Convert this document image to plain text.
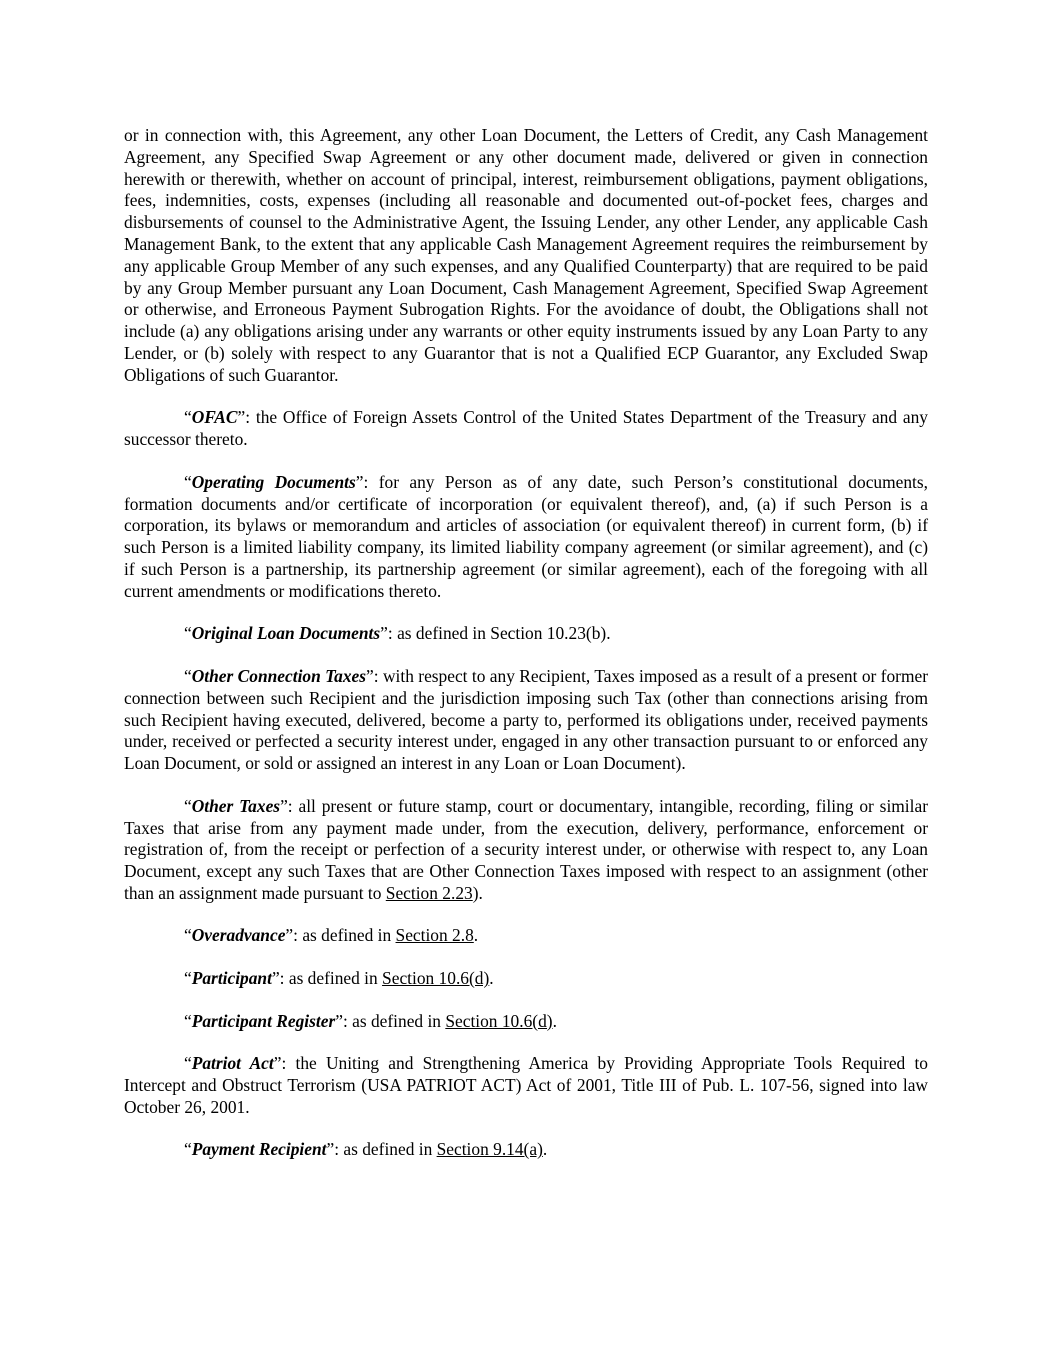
or in connection with, this Agreement, any other Loan Document, the Letters of Credit, any Cash Management Agreement, any Specified Swap Agreement or any other document made, delivered or given in connection herewith or therewith, whether on account of principal, interest, reimbursement obligations, payment obligations, fees, indemnities, costs, expenses (including all reasonable and documented out-of-pocket fees, charges and disbursements of counsel to the Administrative Agent, the Issuing Lender, any other Lender, any applicable Cash Management Bank, to the extent that any applicable Cash Management Agreement requires the reimbursement by any applicable Group Member of any such expenses, and any Qualified Counterparty) that are required to be paid by any Group Member pursuant any Loan Document, Cash Management Agreement, Specified Swap Agreement or otherwise, and Erroneous Payment Subrogation Rights. For the avoidance of doubt, the Obligations shall not include (a) any obligations arising under any warrants or other equity instruments issued by any Loan Party to any Lender, or (b) solely with respect to any Guarantor that is not a Qualified ECP Guarantor, any Excluded Swap Obligations of such Guarantor.

“OFAC”: the Office of Foreign Assets Control of the United States Department of the Treasury and any successor thereto.

“Operating Documents”: for any Person as of any date, such Person’s constitutional documents, formation documents and/or certificate of incorporation (or equivalent thereof), and, (a) if such Person is a corporation, its bylaws or memorandum and articles of association (or equivalent thereof) in current form, (b) if such Person is a limited liability company, its limited liability company agreement (or similar agreement), and (c) if such Person is a partnership, its partnership agreement (or similar agreement), each of the foregoing with all current amendments or modifications thereto.

“Original Loan Documents”: as defined in Section 10.23(b).

“Other Connection Taxes”: with respect to any Recipient, Taxes imposed as a result of a present or former connection between such Recipient and the jurisdiction imposing such Tax (other than connections arising from such Recipient having executed, delivered, become a party to, performed its obligations under, received payments under, received or perfected a security interest under, engaged in any other transaction pursuant to or enforced any Loan Document, or sold or assigned an interest in any Loan or Loan Document).

“Other Taxes”: all present or future stamp, court or documentary, intangible, recording, filing or similar Taxes that arise from any payment made under, from the execution, delivery, performance, enforcement or registration of, from the receipt or perfection of a security interest under, or otherwise with respect to, any Loan Document, except any such Taxes that are Other Connection Taxes imposed with respect to an assignment (other than an assignment made pursuant to Section 2.23).

“Overadvance”: as defined in Section 2.8.

“Participant”: as defined in Section 10.6(d).

“Participant Register”: as defined in Section 10.6(d).

“Patriot Act”: the Uniting and Strengthening America by Providing Appropriate Tools Required to Intercept and Obstruct Terrorism (USA PATRIOT ACT) Act of 2001, Title III of Pub. L. 107-56, signed into law October 26, 2001.

“Payment Recipient”: as defined in Section 9.14(a).
